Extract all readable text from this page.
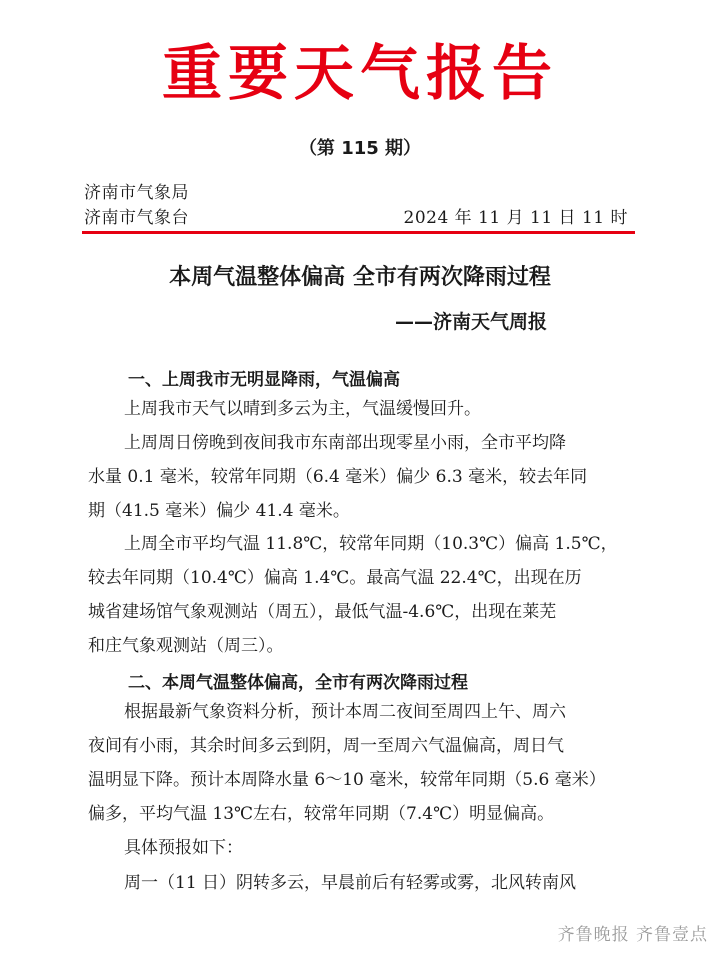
重要天气报告
（第 115 期）
济南市气象局
济南市气象台	2024 年 11 月 11 日 11 时
本周气温整体偏高 全市有两次降雨过程
——济南天气周报
一、上周我市无明显降雨，气温偏高
上周我市天气以晴到多云为主，气温缓慢回升。
上周周日傍晚到夜间我市东南部出现零星小雨，全市平均降
水量 0.1 毫米，较常年同期（6.4 毫米）偏少 6.3 毫米，较去年同
期（41.5 毫米）偏少 41.4 毫米。
上周全市平均气温 11.8℃，较常年同期（10.3℃）偏高 1.5℃，
较去年同期（10.4℃）偏高 1.4℃。最高气温 22.4℃，出现在历
城省建场馆气象观测站（周五），最低气温-4.6℃，出现在莱芜
和庄气象观测站（周三）。
二、本周气温整体偏高，全市有两次降雨过程
根据最新气象资料分析，预计本周二夜间至周四上午、周六
夜间有小雨，其余时间多云到阴，周一至周六气温偏高，周日气
温明显下降。预计本周降水量 6～10 毫米，较常年同期（5.6 毫米）
偏多，平均气温 13℃左右，较常年同期（7.4℃）明显偏高。
具体预报如下：
周一（11 日）阴转多云，早晨前后有轻雾或雾，北风转南风
齐鲁晚报 齐鲁壹点
